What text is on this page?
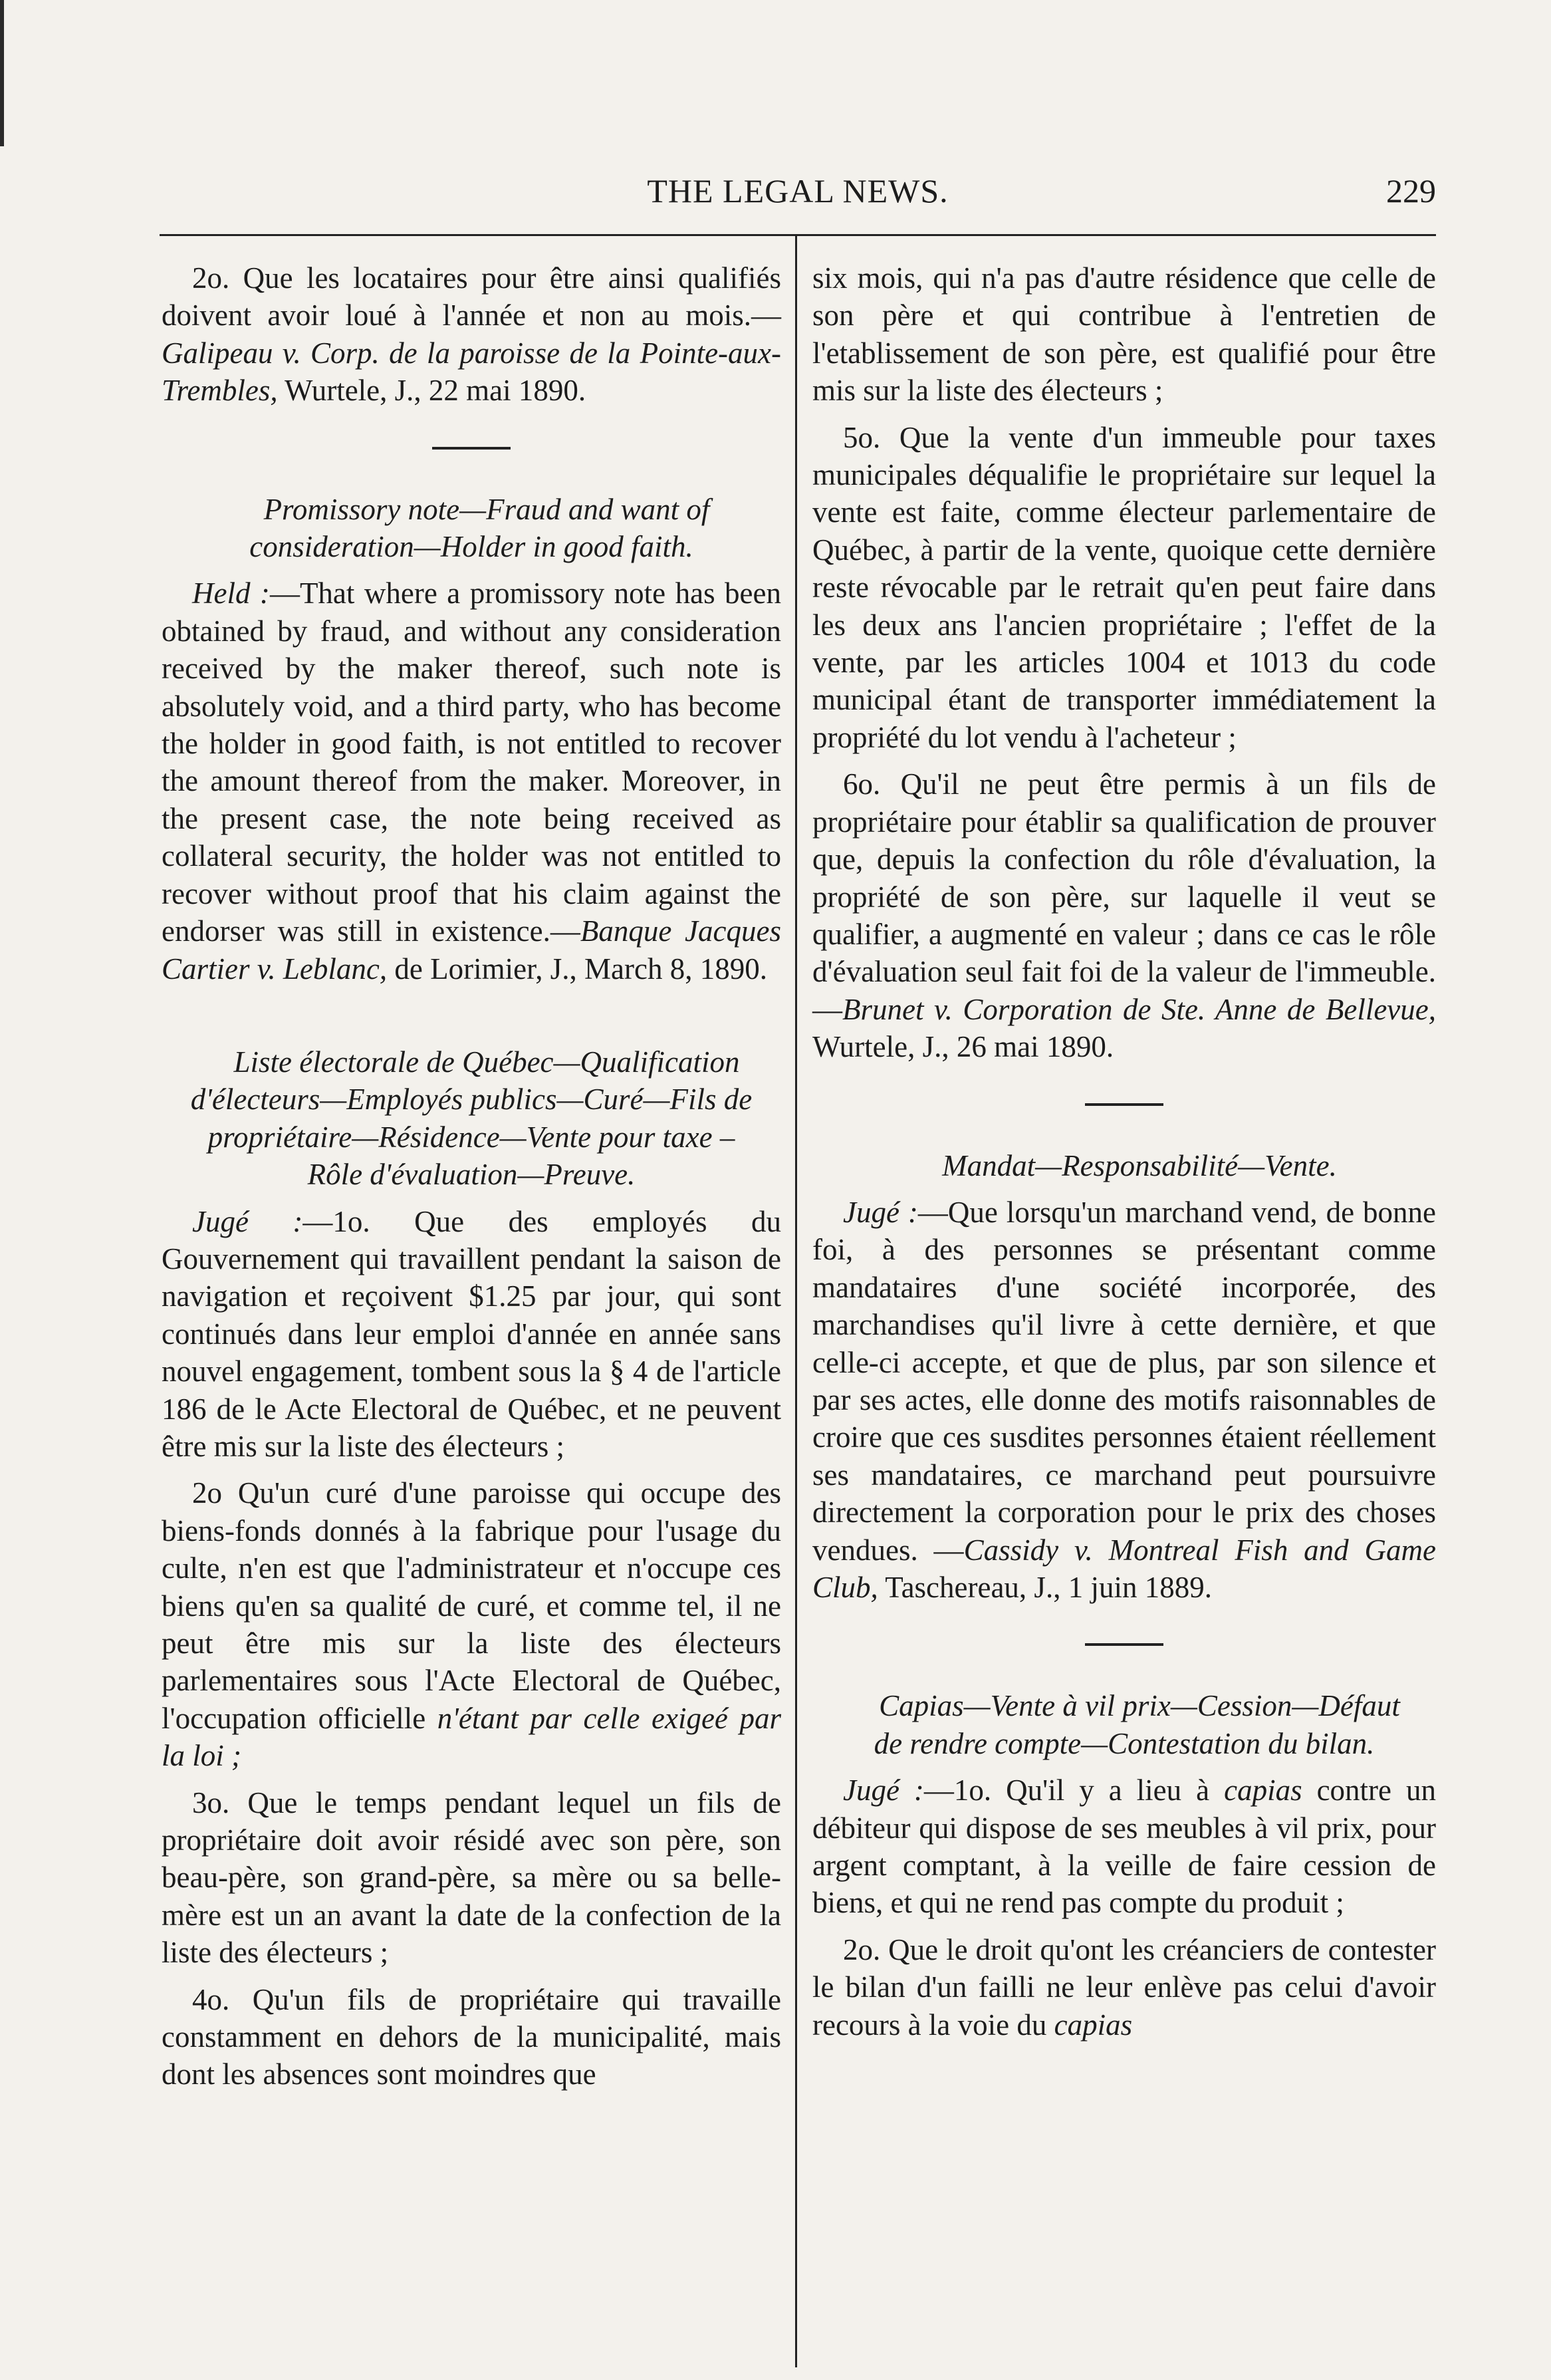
THE LEGAL NEWS.	229

2o. Que les locataires pour être ainsi qualifiés doivent avoir loué à l'année et non au mois.—Galipeau v. Corp. de la paroisse de la Pointe-aux-Trembles, Wurtele, J., 22 mai 1890.

Promissory note—Fraud and want of consideration—Holder in good faith.

Held :—That where a promissory note has been obtained by fraud, and without any consideration received by the maker thereof, such note is absolutely void, and a third party, who has become the holder in good faith, is not entitled to recover the amount thereof from the maker. Moreover, in the present case, the note being received as collateral security, the holder was not entitled to recover without proof that his claim against the endorser was still in existence.—Banque Jacques Cartier v. Leblanc, de Lorimier, J., March 8, 1890.

Liste électorale de Québec—Qualification d'électeurs—Employés publics—Curé—Fils de propriétaire—Résidence—Vente pour taxe – Rôle d'évaluation—Preuve.

Jugé :—1o. Que des employés du Gouvernement qui travaillent pendant la saison de navigation et reçoivent $1.25 par jour, qui sont continués dans leur emploi d'année en année sans nouvel engagement, tombent sous la § 4 de l'article 186 de le Acte Electoral de Québec, et ne peuvent être mis sur la liste des électeurs ;

2o Qu'un curé d'une paroisse qui occupe des biens-fonds donnés à la fabrique pour l'usage du culte, n'en est que l'administrateur et n'occupe ces biens qu'en sa qualité de curé, et comme tel, il ne peut être mis sur la liste des électeurs parlementaires sous l'Acte Electoral de Québec, l'occupation officielle n'étant par celle exigeé par la loi ;

3o. Que le temps pendant lequel un fils de propriétaire doit avoir résidé avec son père, son beau-père, son grand-père, sa mère ou sa belle-mère est un an avant la date de la confection de la liste des électeurs ;

4o. Qu'un fils de propriétaire qui travaille constamment en dehors de la municipalité, mais dont les absences sont moindres que

six mois, qui n'a pas d'autre résidence que celle de son père et qui contribue à l'entretien de l'etablissement de son père, est qualifié pour être mis sur la liste des électeurs ;

5o. Que la vente d'un immeuble pour taxes municipales déqualifie le propriétaire sur lequel la vente est faite, comme électeur parlementaire de Québec, à partir de la vente, quoique cette dernière reste révocable par le retrait qu'en peut faire dans les deux ans l'ancien propriétaire ; l'effet de la vente, par les articles 1004 et 1013 du code municipal étant de transporter immédiatement la propriété du lot vendu à l'acheteur ;

6o. Qu'il ne peut être permis à un fils de propriétaire pour établir sa qualification de prouver que, depuis la confection du rôle d'évaluation, la propriété de son père, sur laquelle il veut se qualifier, a augmenté en valeur ; dans ce cas le rôle d'évaluation seul fait foi de la valeur de l'immeuble.—Brunet v. Corporation de Ste. Anne de Bellevue, Wurtele, J., 26 mai 1890.

Mandat—Responsabilité—Vente.

Jugé :—Que lorsqu'un marchand vend, de bonne foi, à des personnes se présentant comme mandataires d'une société incorporée, des marchandises qu'il livre à cette dernière, et que celle-ci accepte, et que de plus, par son silence et par ses actes, elle donne des motifs raisonnables de croire que ces susdites personnes étaient réellement ses mandataires, ce marchand peut poursuivre directement la corporation pour le prix des choses vendues. —Cassidy v. Montreal Fish and Game Club, Taschereau, J., 1 juin 1889.

Capias—Vente à vil prix—Cession—Défaut de rendre compte—Contestation du bilan.

Jugé :—1o. Qu'il y a lieu à capias contre un débiteur qui dispose de ses meubles à vil prix, pour argent comptant, à la veille de faire cession de biens, et qui ne rend pas compte du produit ;

2o. Que le droit qu'ont les créanciers de contester le bilan d'un failli ne leur enlève pas celui d'avoir recours à la voie du capias
